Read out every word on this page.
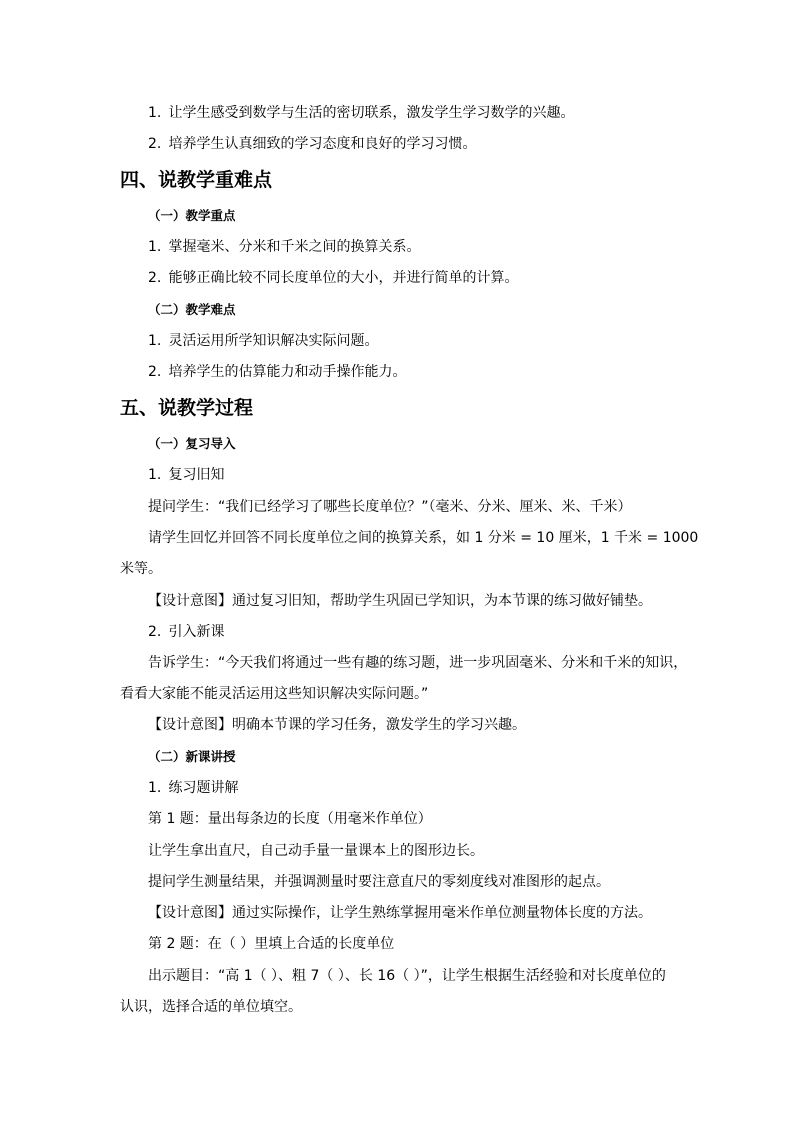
1. 让学生感受到数学与生活的密切联系，激发学生学习数学的兴趣。
2. 培养学生认真细致的学习态度和良好的学习习惯。
四、说教学重难点
（一）教学重点
1. 掌握毫米、分米和千米之间的换算关系。
2. 能够正确比较不同长度单位的大小，并进行简单的计算。
（二）教学难点
1. 灵活运用所学知识解决实际问题。
2. 培养学生的估算能力和动手操作能力。
五、说教学过程
（一）复习导入
1. 复习旧知
提问学生：“我们已经学习了哪些长度单位？”（毫米、分米、厘米、米、千米）
请学生回忆并回答不同长度单位之间的换算关系，如 1 分米 = 10 厘米，1 千米 = 1000
米等。
【设计意图】通过复习旧知，帮助学生巩固已学知识，为本节课的练习做好铺垫。
2. 引入新课
告诉学生：“今天我们将通过一些有趣的练习题，进一步巩固毫米、分米和千米的知识，
看看大家能不能灵活运用这些知识解决实际问题。”
【设计意图】明确本节课的学习任务，激发学生的学习兴趣。
（二）新课讲授
1. 练习题讲解
第 1 题：量出每条边的长度（用毫米作单位）
让学生拿出直尺，自己动手量一量课本上的图形边长。
提问学生测量结果，并强调测量时要注意直尺的零刻度线对准图形的起点。
【设计意图】通过实际操作，让学生熟练掌握用毫米作单位测量物体长度的方法。
第 2 题：在（ ）里填上合适的长度单位
出示题目：“高 1（ ）、粗 7（ ）、长 16（ ）”，让学生根据生活经验和对长度单位的
认识，选择合适的单位填空。
